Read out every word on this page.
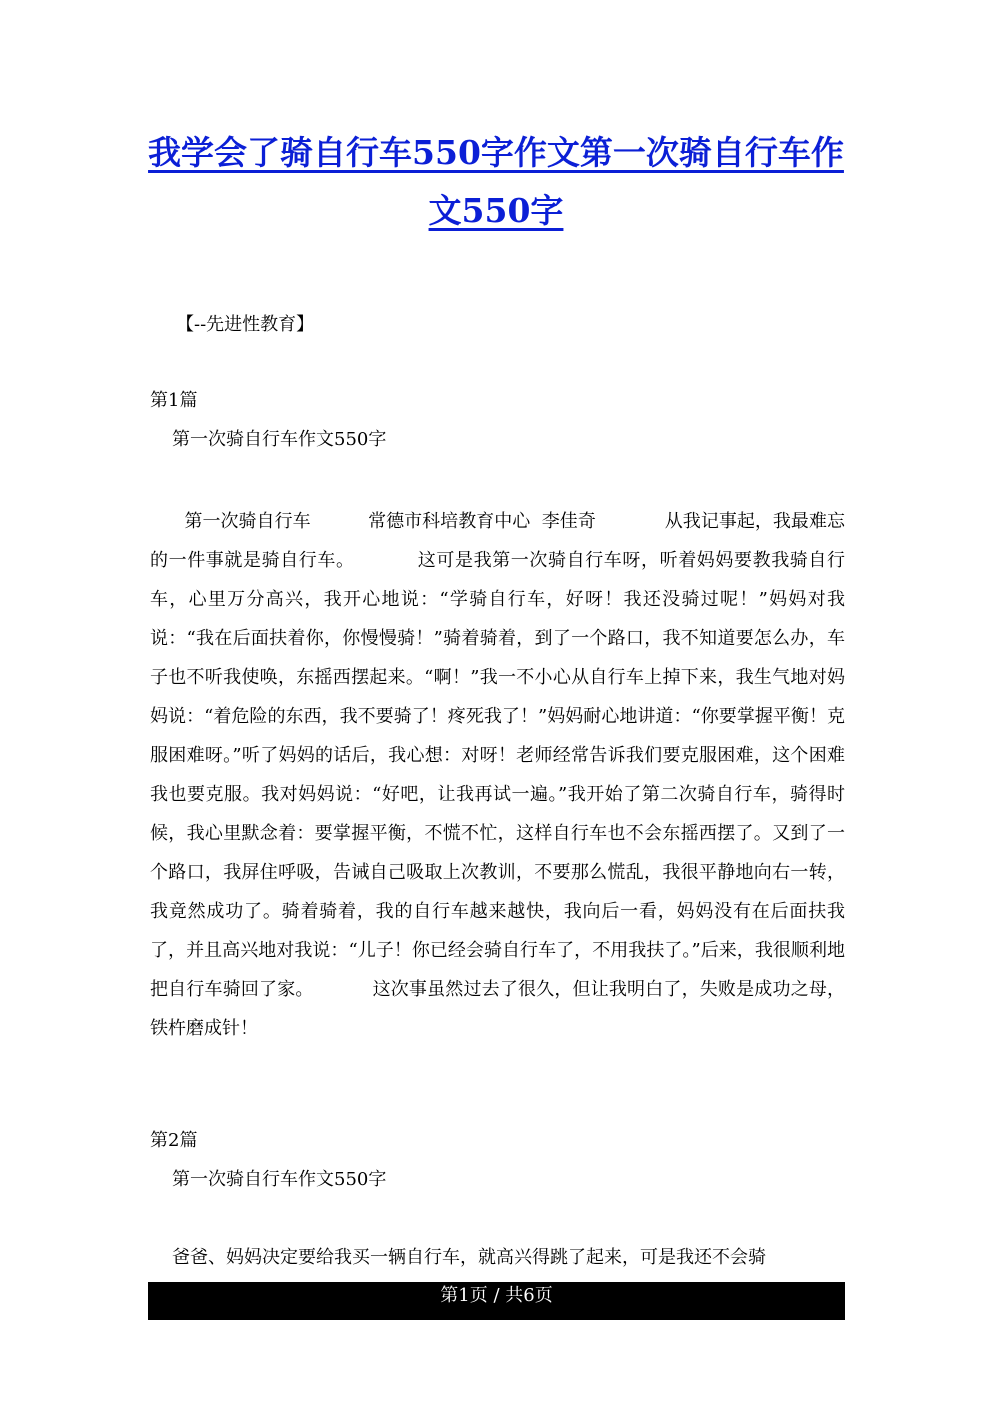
我学会了骑自行车550字作文第一次骑自行车作文550字
【--先进性教育】
第1篇
第一次骑自行车作文550字

第一次骑自行车          常德市科培教育中心  李佳奇            从我记事起，我最难忘的一件事就是骑自行车。          这可是我第一次骑自行车呀，听着妈妈要教我骑自行车，心里万分高兴，我开心地说：“学骑自行车，好呀！我还没骑过呢！”妈妈对我说：“我在后面扶着你，你慢慢骑！”骑着骑着，到了一个路口，我不知道要怎么办，车子也不听我使唤，东摇西摆起来。“啊！”我一不小心从自行车上掉下来，我生气地对妈妈说：“着危险的东西，我不要骑了！疼死我了！”妈妈耐心地讲道：“你要掌握平衡！克服困难呀。”听了妈妈的话后，我心想：对呀！老师经常告诉我们要克服困难，这个困难我也要克服。我对妈妈说：“好吧，让我再试一遍。”我开始了第二次骑自行车，骑得时候，我心里默念着：要掌握平衡，不慌不忙，这样自行车也不会东摇西摆了。又到了一个路口，我屏住呼吸，告诫自己吸取上次教训，不要那么慌乱，我很平静地向右一转，我竟然成功了。骑着骑着，我的自行车越来越快，我向后一看，妈妈没有在后面扶我了，并且高兴地对我说：“儿子！你已经会骑自行车了，不用我扶了。”后来，我很顺利地把自行车骑回了家。          这次事虽然过去了很久，但让我明白了，失败是成功之母，铁杵磨成针！

第2篇
第一次骑自行车作文550字
爸爸、妈妈决定要给我买一辆自行车，就高兴得跳了起来，可是我还不会骑
第1页 / 共6页
